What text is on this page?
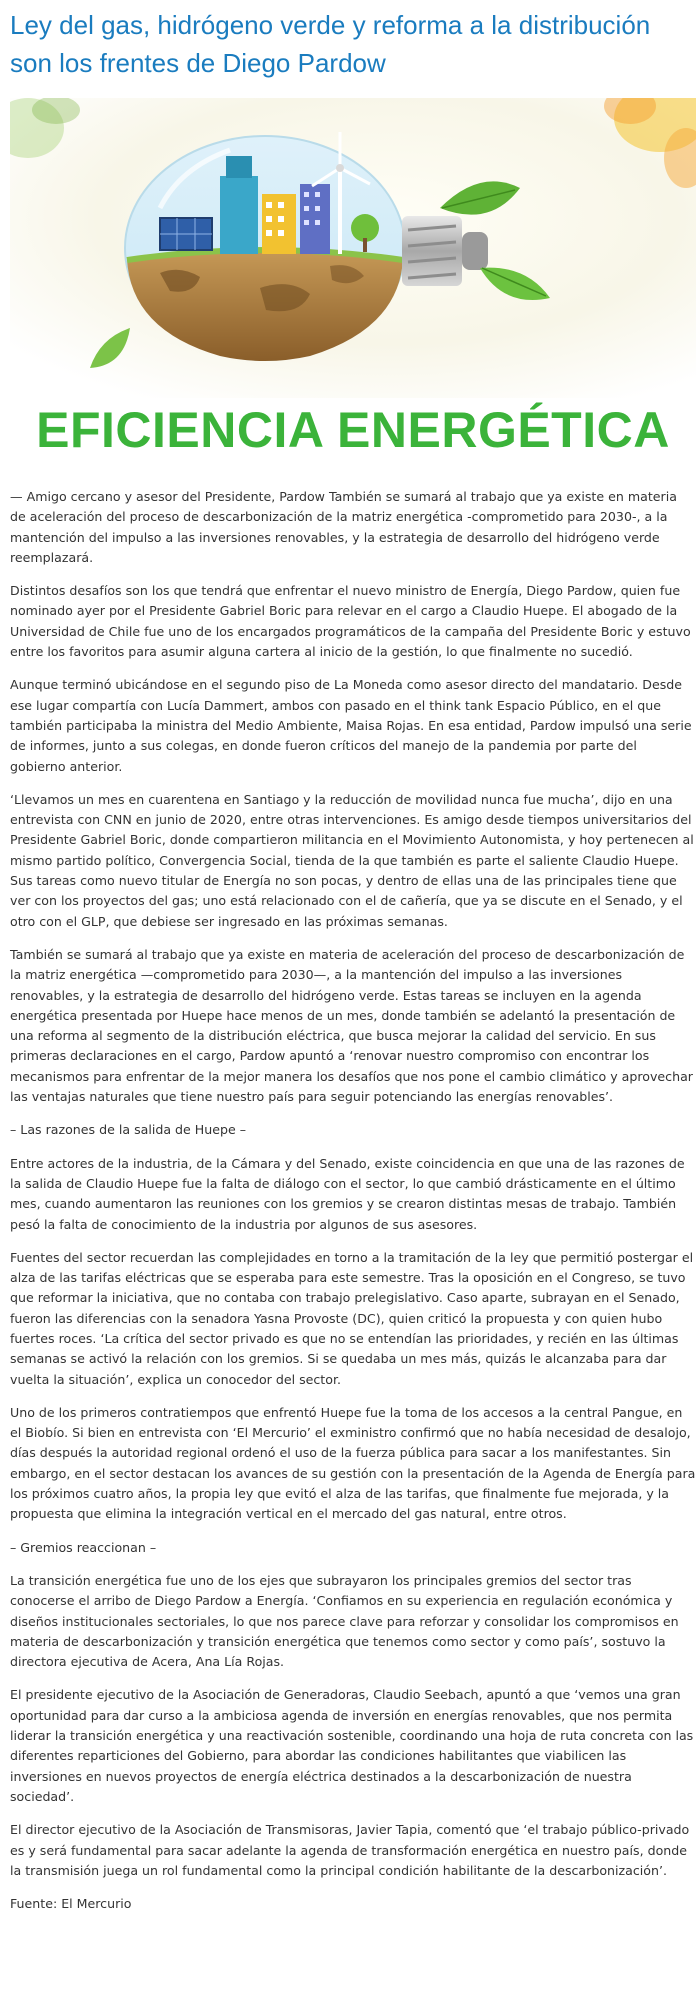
Ley del gas, hidrógeno verde y reforma a la distribución son los frentes de Diego Pardow
EFICIENCIA ENERGÉTICA

— Amigo cercano y asesor del Presidente, Pardow También se sumará al trabajo que ya existe en materia de aceleración del proceso de descarbonización de la matriz energética -comprometido para 2030-, a la mantención del impulso a las inversiones renovables, y la estrategia de desarrollo del hidrógeno verde reemplazará.

Distintos desafíos son los que tendrá que enfrentar el nuevo ministro de Energía, Diego Pardow, quien fue nominado ayer por el Presidente Gabriel Boric para relevar en el cargo a Claudio Huepe. El abogado de la Universidad de Chile fue uno de los encargados programáticos de la campaña del Presidente Boric y estuvo entre los favoritos para asumir alguna cartera al inicio de la gestión, lo que finalmente no sucedió.

Aunque terminó ubicándose en el segundo piso de La Moneda como asesor directo del mandatario. Desde ese lugar compartía con Lucía Dammert, ambos con pasado en el think tank Espacio Público, en el que también participaba la ministra del Medio Ambiente, Maisa Rojas. En esa entidad, Pardow impulsó una serie de informes, junto a sus colegas, en donde fueron críticos del manejo de la pandemia por parte del gobierno anterior.

‘Llevamos un mes en cuarentena en Santiago y la reducción de movilidad nunca fue mucha’, dijo en una entrevista con CNN en junio de 2020, entre otras intervenciones. Es amigo desde tiempos universitarios del Presidente Gabriel Boric, donde compartieron militancia en el Movimiento Autonomista, y hoy pertenecen al mismo partido político, Convergencia Social, tienda de la que también es parte el saliente Claudio Huepe. Sus tareas como nuevo titular de Energía no son pocas, y dentro de ellas una de las principales tiene que ver con los proyectos del gas; uno está relacionado con el de cañería, que ya se discute en el Senado, y el otro con el GLP, que debiese ser ingresado en las próximas semanas.

También se sumará al trabajo que ya existe en materia de aceleración del proceso de descarbonización de la matriz energética —comprometido para 2030—, a la mantención del impulso a las inversiones renovables, y la estrategia de desarrollo del hidrógeno verde. Estas tareas se incluyen en la agenda energética presentada por Huepe hace menos de un mes, donde también se adelantó la presentación de una reforma al segmento de la distribución eléctrica, que busca mejorar la calidad del servicio. En sus primeras declaraciones en el cargo, Pardow apuntó a ‘renovar nuestro compromiso con encontrar los mecanismos para enfrentar de la mejor manera los desafíos que nos pone el cambio climático y aprovechar las ventajas naturales que tiene nuestro país para seguir potenciando las energías renovables’.

– Las razones de la salida de Huepe –

Entre actores de la industria, de la Cámara y del Senado, existe coincidencia en que una de las razones de la salida de Claudio Huepe fue la falta de diálogo con el sector, lo que cambió drásticamente en el último mes, cuando aumentaron las reuniones con los gremios y se crearon distintas mesas de trabajo. También pesó la falta de conocimiento de la industria por algunos de sus asesores.

Fuentes del sector recuerdan las complejidades en torno a la tramitación de la ley que permitió postergar el alza de las tarifas eléctricas que se esperaba para este semestre. Tras la oposición en el Congreso, se tuvo que reformar la iniciativa, que no contaba con trabajo prelegislativo. Caso aparte, subrayan en el Senado, fueron las diferencias con la senadora Yasna Provoste (DC), quien criticó la propuesta y con quien hubo fuertes roces. ‘La crítica del sector privado es que no se entendían las prioridades, y recién en las últimas semanas se activó la relación con los gremios. Si se quedaba un mes más, quizás le alcanzaba para dar vuelta la situación’, explica un conocedor del sector.

Uno de los primeros contratiempos que enfrentó Huepe fue la toma de los accesos a la central Pangue, en el Biobío. Si bien en entrevista con ‘El Mercurio’ el exministro confirmó que no había necesidad de desalojo, días después la autoridad regional ordenó el uso de la fuerza pública para sacar a los manifestantes. Sin embargo, en el sector destacan los avances de su gestión con la presentación de la Agenda de Energía para los próximos cuatro años, la propia ley que evitó el alza de las tarifas, que finalmente fue mejorada, y la propuesta que elimina la integración vertical en el mercado del gas natural, entre otros.

– Gremios reaccionan –

La transición energética fue uno de los ejes que subrayaron los principales gremios del sector tras conocerse el arribo de Diego Pardow a Energía. ‘Confiamos en su experiencia en regulación económica y diseños institucionales sectoriales, lo que nos parece clave para reforzar y consolidar los compromisos en materia de descarbonización y transición energética que tenemos como sector y como país’, sostuvo la directora ejecutiva de Acera, Ana Lía Rojas.

El presidente ejecutivo de la Asociación de Generadoras, Claudio Seebach, apuntó a que ‘vemos una gran oportunidad para dar curso a la ambiciosa agenda de inversión en energías renovables, que nos permita liderar la transición energética y una reactivación sostenible, coordinando una hoja de ruta concreta con las diferentes reparticiones del Gobierno, para abordar las condiciones habilitantes que viabilicen las inversiones en nuevos proyectos de energía eléctrica destinados a la descarbonización de nuestra sociedad’.

El director ejecutivo de la Asociación de Transmisoras, Javier Tapia, comentó que ‘el trabajo público-privado es y será fundamental para sacar adelante la agenda de transformación energética en nuestro país, donde la transmisión juega un rol fundamental como la principal condición habilitante de la descarbonización’.

Fuente: El Mercurio
